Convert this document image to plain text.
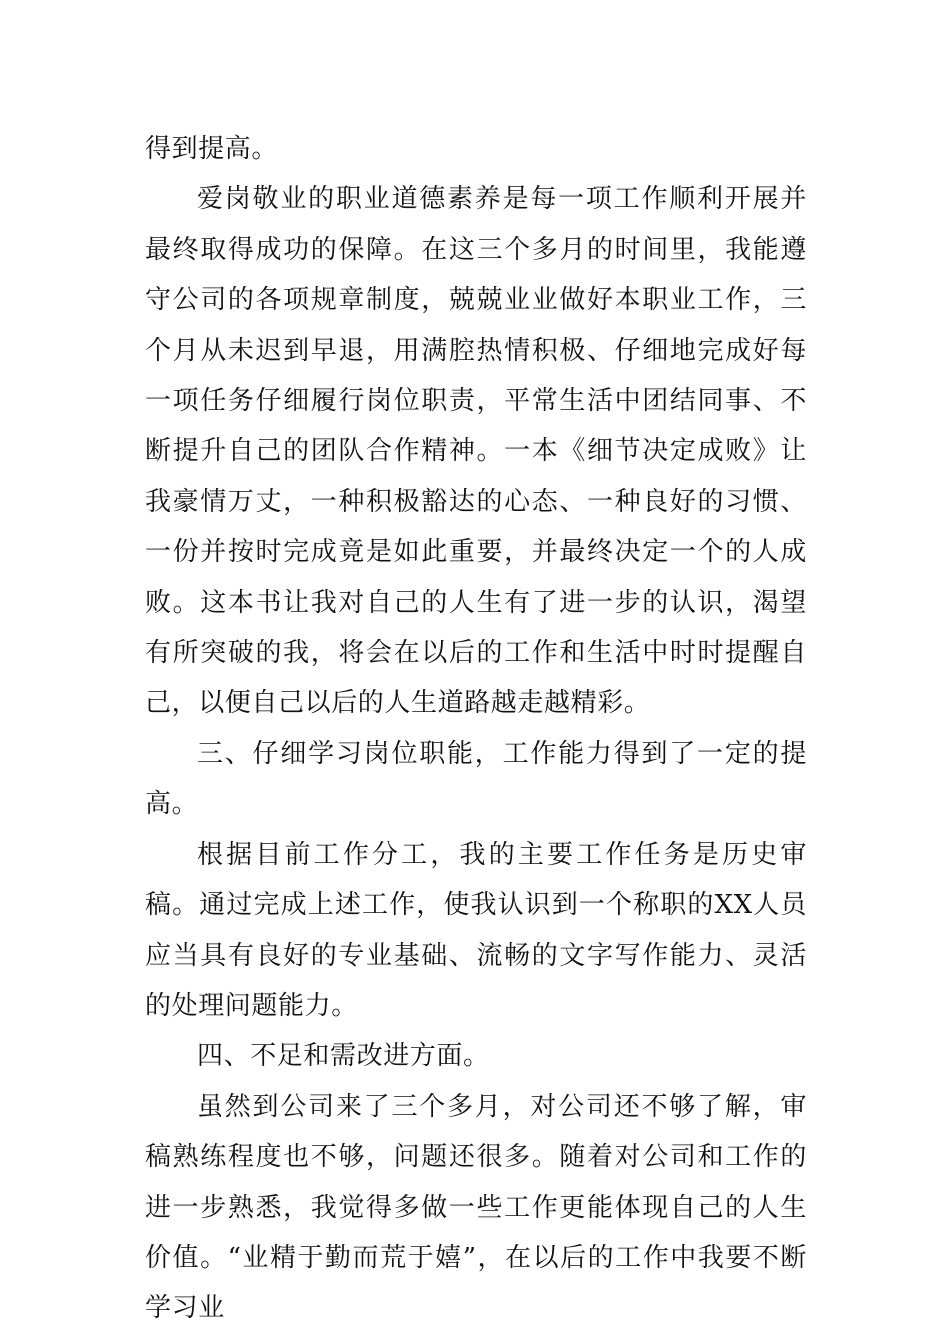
得到提高。

爱岗敬业的职业道德素养是每一项工作顺利开展并最终取得成功的保障。在这三个多月的时间里，我能遵守公司的各项规章制度，兢兢业业做好本职业工作，三个月从未迟到早退，用满腔热情积极、仔细地完成好每一项任务仔细履行岗位职责，平常生活中团结同事、不断提升自己的团队合作精神。一本《细节决定成败》让我豪情万丈，一种积极豁达的心态、一种良好的习惯、一份并按时完成竟是如此重要，并最终决定一个的人成败。这本书让我对自己的人生有了进一步的认识，渴望有所突破的我，将会在以后的工作和生活中时时提醒自己，以便自己以后的人生道路越走越精彩。

三、仔细学习岗位职能，工作能力得到了一定的提高。

根据目前工作分工，我的主要工作任务是历史审稿。通过完成上述工作，使我认识到一个称职的XX人员应当具有良好的专业基础、流畅的文字写作能力、灵活的处理问题能力。

四、不足和需改进方面。

虽然到公司来了三个多月，对公司还不够了解，审稿熟练程度也不够，问题还很多。随着对公司和工作的进一步熟悉，我觉得多做一些工作更能体现自己的人生价值。“业精于勤而荒于嬉”，在以后的工作中我要不断学习业
